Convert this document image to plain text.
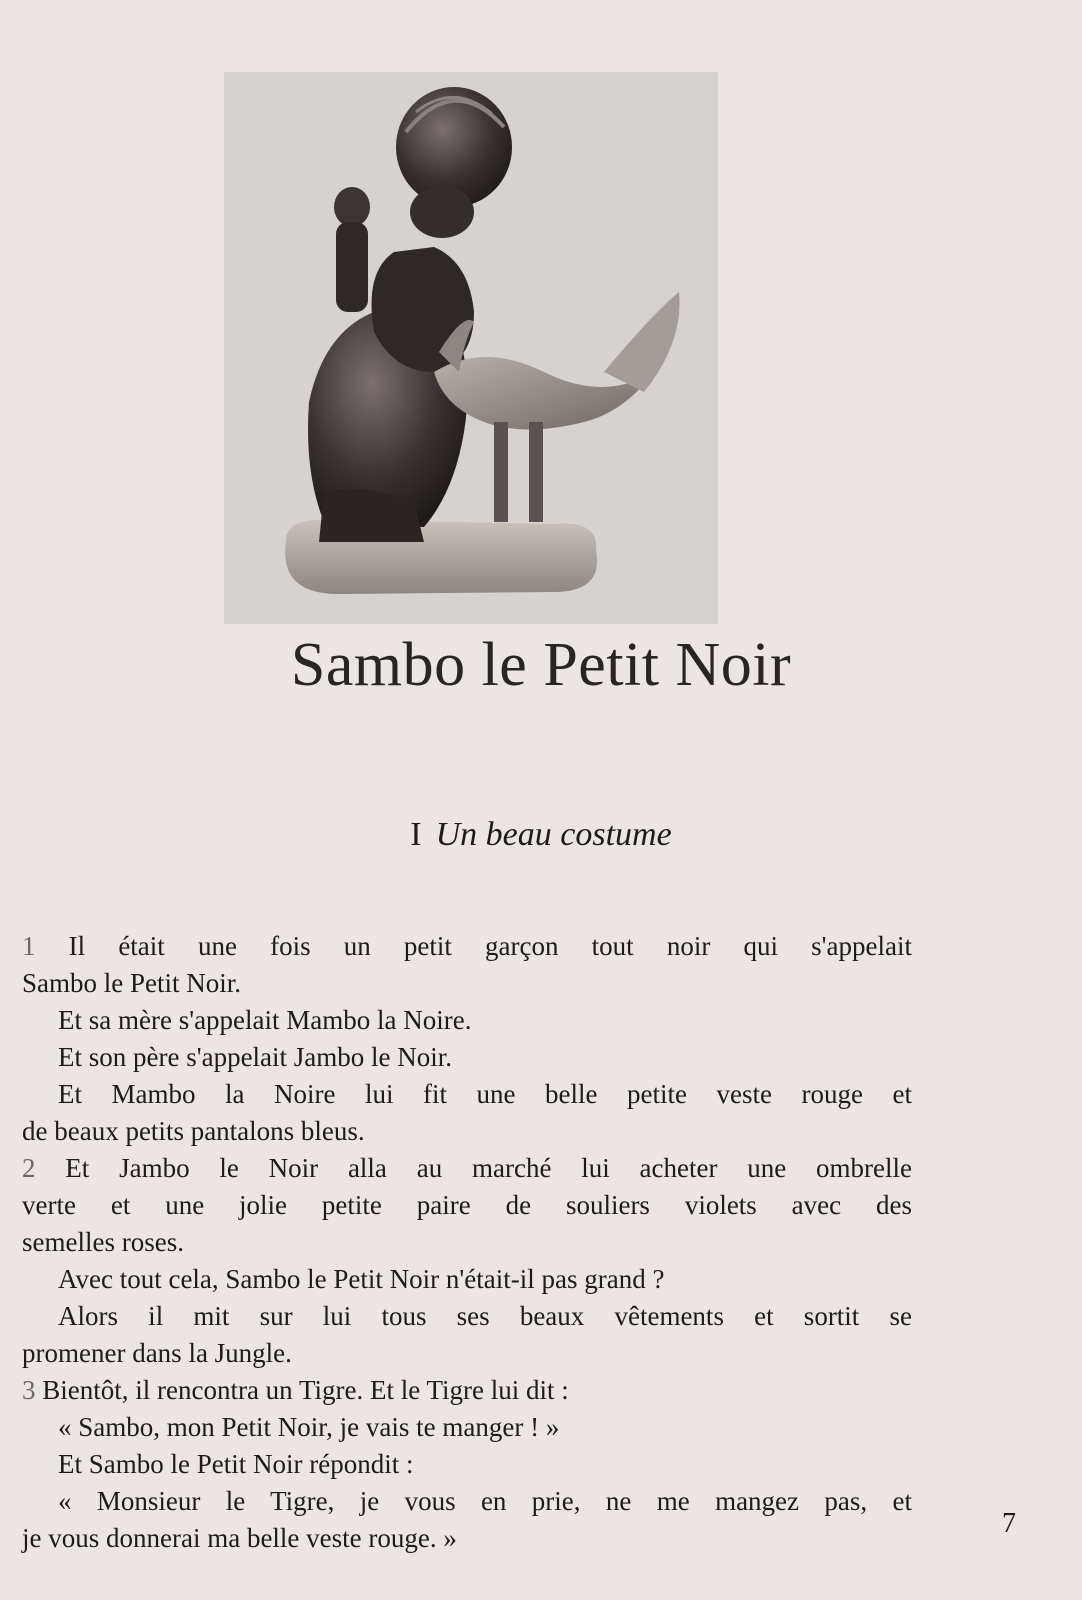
Sambo le Petit Noir
I Un beau costume

1 Il était une fois un petit garçon tout noir qui s'appelait

Sambo le Petit Noir.

Et sa mère s'appelait Mambo la Noire.

Et son père s'appelait Jambo le Noir.

Et Mambo la Noire lui fit une belle petite veste rouge et

de beaux petits pantalons bleus.

2 Et Jambo le Noir alla au marché lui acheter une ombrelle

verte et une jolie petite paire de souliers violets avec des

semelles roses.

Avec tout cela, Sambo le Petit Noir n'était-il pas grand ?

Alors il mit sur lui tous ses beaux vêtements et sortit se

promener dans la Jungle.

3 Bientôt, il rencontra un Tigre. Et le Tigre lui dit :

« Sambo, mon Petit Noir, je vais te manger ! »

Et Sambo le Petit Noir répondit :

« Monsieur le Tigre, je vous en prie, ne me mangez pas, et

je vous donnerai ma belle veste rouge. »	7
